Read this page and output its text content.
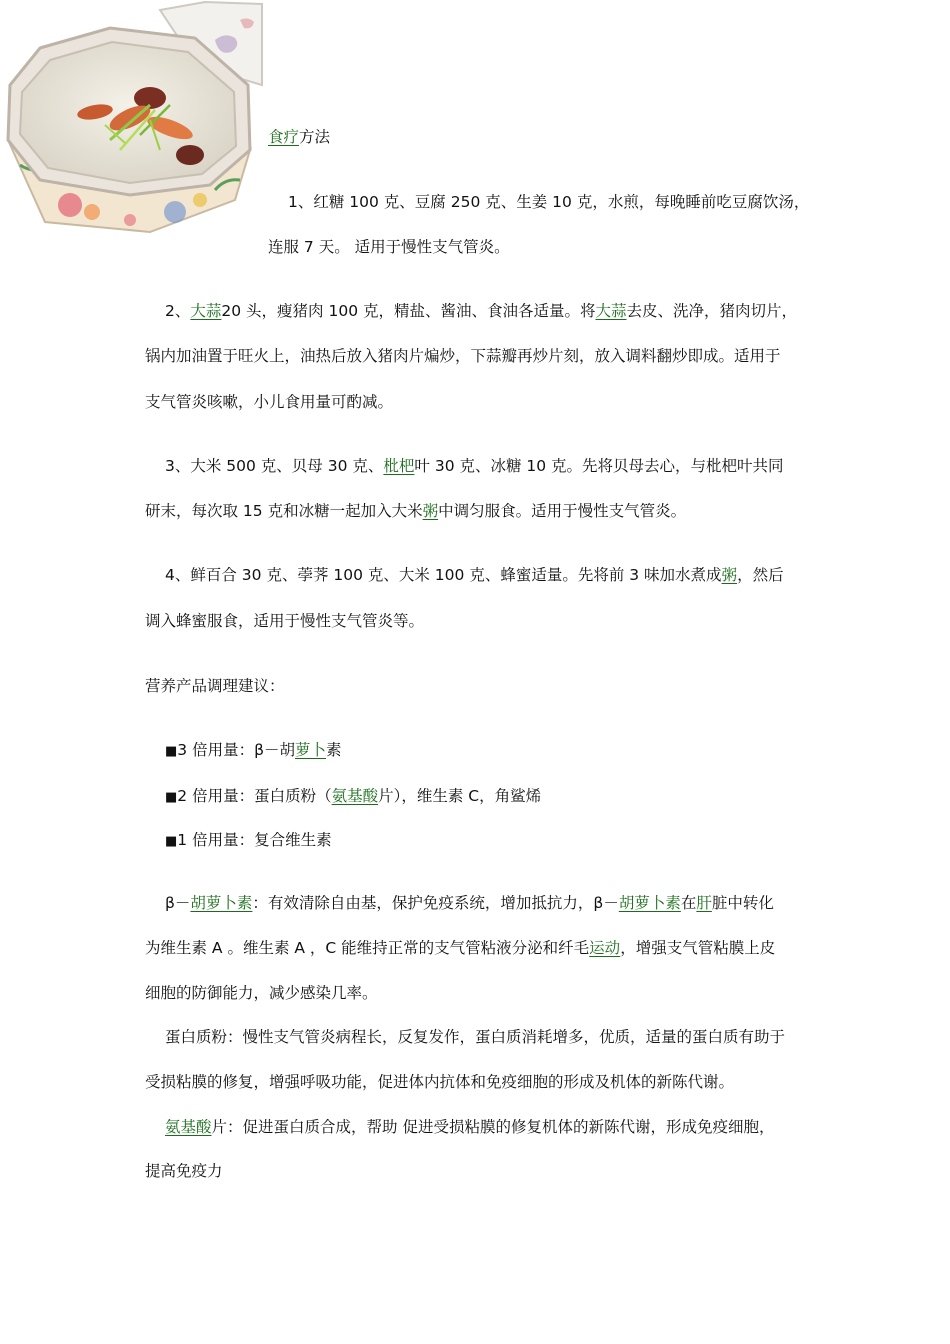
食疗方法
1、红糖 100 克、豆腐 250 克、生姜 10 克，水煎，每晚睡前吃豆腐饮汤，
连服 7 天。 适用于慢性支气管炎。
2、大蒜20 头，瘦猪肉 100 克，精盐、酱油、食油各适量。将大蒜去皮、洗净，猪肉切片，
锅内加油置于旺火上，油热后放入猪肉片煸炒，下蒜瓣再炒片刻，放入调料翻炒即成。适用于
支气管炎咳嗽，小儿食用量可酌减。
3、大米 500 克、贝母 30 克、枇杷叶 30 克、冰糖 10 克。先将贝母去心，与枇杷叶共同
研末，每次取 15 克和冰糖一起加入大米粥中调匀服食。适用于慢性支气管炎。
4、鲜百合 30 克、荸荠 100 克、大米 100 克、蜂蜜适量。先将前 3 味加水煮成粥，然后
调入蜂蜜服食，适用于慢性支气管炎等。
营养产品调理建议：
■3 倍用量：β－胡萝卜素
■2 倍用量：蛋白质粉（氨基酸片），维生素 C，角鲨烯
■1 倍用量：复合维生素
β－胡萝卜素：有效清除自由基，保护免疫系统，增加抵抗力，β－胡萝卜素在肝脏中转化
为维生素 A 。维生素 A ，C 能维持正常的支气管粘液分泌和纤毛运动，增强支气管粘膜上皮
细胞的防御能力，减少感染几率。
蛋白质粉：慢性支气管炎病程长，反复发作，蛋白质消耗增多，优质，适量的蛋白质有助于
受损粘膜的修复，增强呼吸功能，促进体内抗体和免疫细胞的形成及机体的新陈代谢。
氨基酸片：促进蛋白质合成，帮助 促进受损粘膜的修复机体的新陈代谢，形成免疫细胞，
提高免疫力
